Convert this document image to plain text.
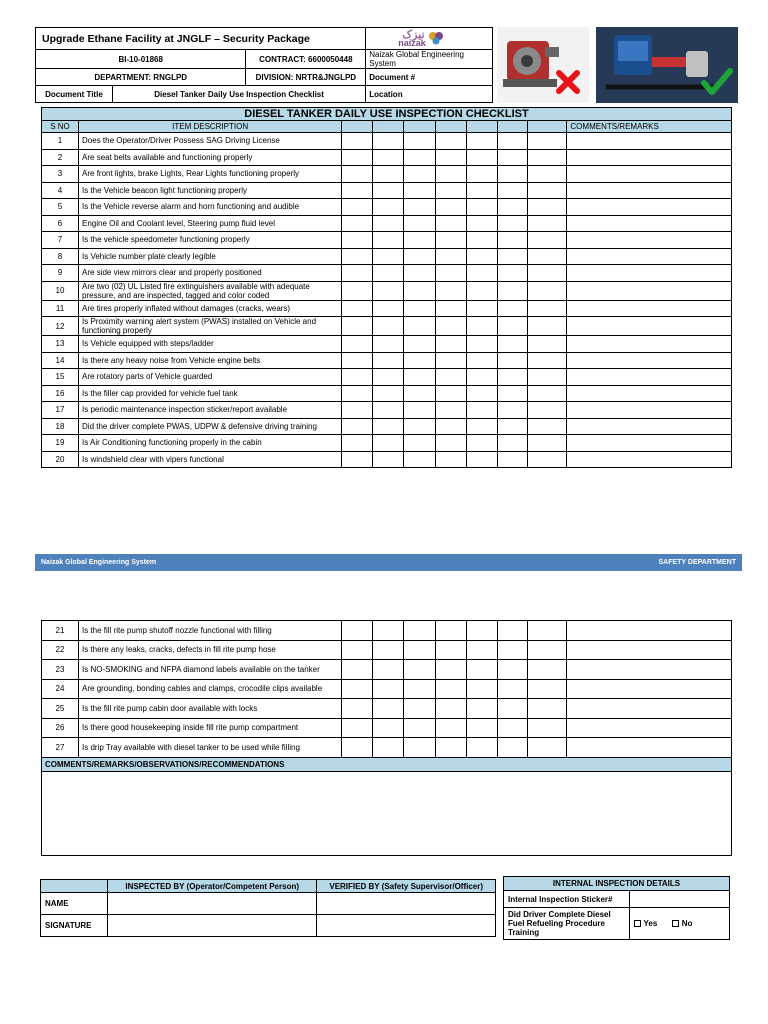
Upgrade Ethane Facility at JNGLF – Security Package			نیزک
naizak

BI-10-01868		CONTRACT: 6600050448	Naizak Global Engineering System
DEPARTMENT: RNGLPD		DIVISION: NRTR&JNGLPD	Document #
Document Title	Diesel Tanker Daily Use Inspection Checklist		Location
DIESEL TANKER DAILY USE INSPECTION CHECKLIST									
S NO	ITEM DESCRIPTION								COMMENTS/REMARKS
1	Does the Operator/Driver Possess SAG Driving License								
2	Are seat belts available and functioning properly								
3	Are front lights, brake Lights, Rear Lights functioning properly								
4	Is the Vehicle beacon light functioning properly								
5	Is the Vehicle reverse alarm and horn functioning and audible								
6	Engine Oil and Coolant level, Steering pump fluid level								
7	Is the vehicle speedometer functioning properly								
8	Is Vehicle number plate clearly legible								
9	Are side view mirrors clear and properly positioned								
10	Are two (02) UL Listed fire extinguishers available with adequate pressure, and are inspected, tagged and color coded								
11	Are tires properly inflated without damages (cracks, wears)								
12	Is Proximity warning alert system (PWAS) installed on Vehicle and functioning properly								
13	Is Vehicle equipped with steps/ladder								
14	Is there any heavy noise from Vehicle engine belts								
15	Are rotatory parts of Vehicle guarded								
16	Is the filler cap provided for vehicle fuel tank								
17	Is periodic maintenance inspection sticker/report available								
18	Did the driver complete PWAS, UDPW & defensive driving training								
19	Is Air Conditioning functioning properly in the cabin								
20	Is windshield clear with vipers functional								
Naizak Global Engineering System	SAFETY DEPARTMENT
21	Is the fill rite pump shutoff nozzle functional with filling								
22	Is there any leaks, cracks, defects in fill rite pump hose								
23	Is NO-SMOKING and NFPA diamond labels available on the tanker								
24	Are grounding, bonding cables and clamps, crocodile clips available								
25	Is the fill rite pump cabin door available with locks								
26	Is there good housekeeping inside fill rite pump compartment								
27	Is drip Tray available with diesel tanker to be used while filling								
COMMENTS/REMARKS/OBSERVATIONS/RECOMMENDATIONS									

	INSPECTED BY (Operator/Competent Person)	VERIFIED BY (Safety Supervisor/Officer)
NAME		
SIGNATURE		
INTERNAL INSPECTION DETAILS	
Internal Inspection Sticker#	
Did Driver Complete Diesel Fuel Refueling Procedure Training	Yes No
